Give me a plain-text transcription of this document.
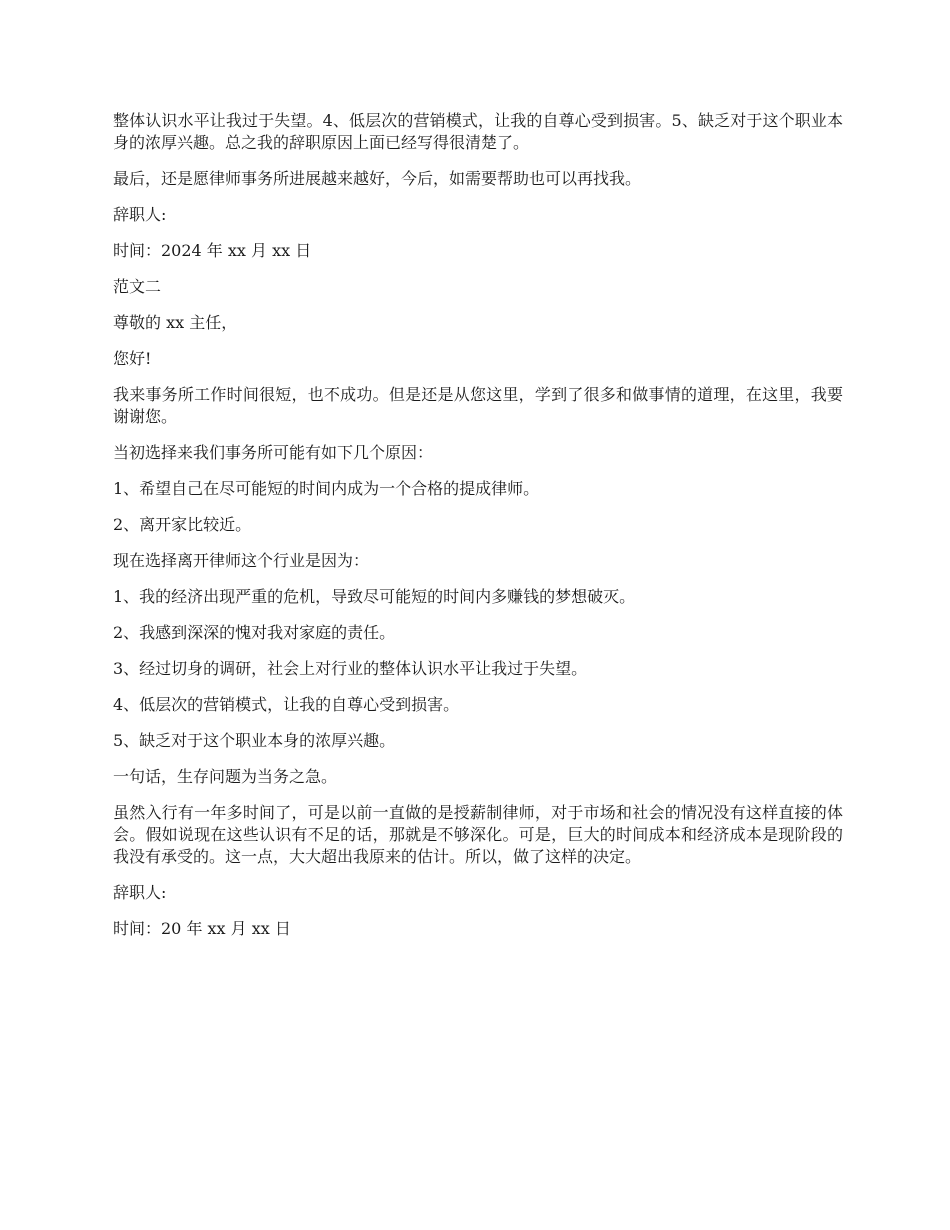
整体认识水平让我过于失望。4、低层次的营销模式，让我的自尊心受到损害。5、缺乏对于这个职业本身的浓厚兴趣。总之我的辞职原因上面已经写得很清楚了。

最后，还是愿律师事务所进展越来越好，今后，如需要帮助也可以再找我。

辞职人:

时间：2024 年 xx 月 xx 日

范文二

尊敬的 xx 主任，

您好!

我来事务所工作时间很短，也不成功。但是还是从您这里，学到了很多和做事情的道理，在这里，我要谢谢您。

当初选择来我们事务所可能有如下几个原因：

1、希望自己在尽可能短的时间内成为一个合格的提成律师。

2、离开家比较近。

现在选择离开律师这个行业是因为：

1、我的经济出现严重的危机，导致尽可能短的时间内多赚钱的梦想破灭。

2、我感到深深的愧对我对家庭的责任。

3、经过切身的调研，社会上对行业的整体认识水平让我过于失望。

4、低层次的营销模式，让我的自尊心受到损害。

5、缺乏对于这个职业本身的浓厚兴趣。

一句话，生存问题为当务之急。

虽然入行有一年多时间了，可是以前一直做的是授薪制律师，对于市场和社会的情况没有这样直接的体会。假如说现在这些认识有不足的话，那就是不够深化。可是，巨大的时间成本和经济成本是现阶段的我没有承受的。这一点，大大超出我原来的估计。所以，做了这样的决定。

辞职人:

时间：20 年 xx 月 xx 日
